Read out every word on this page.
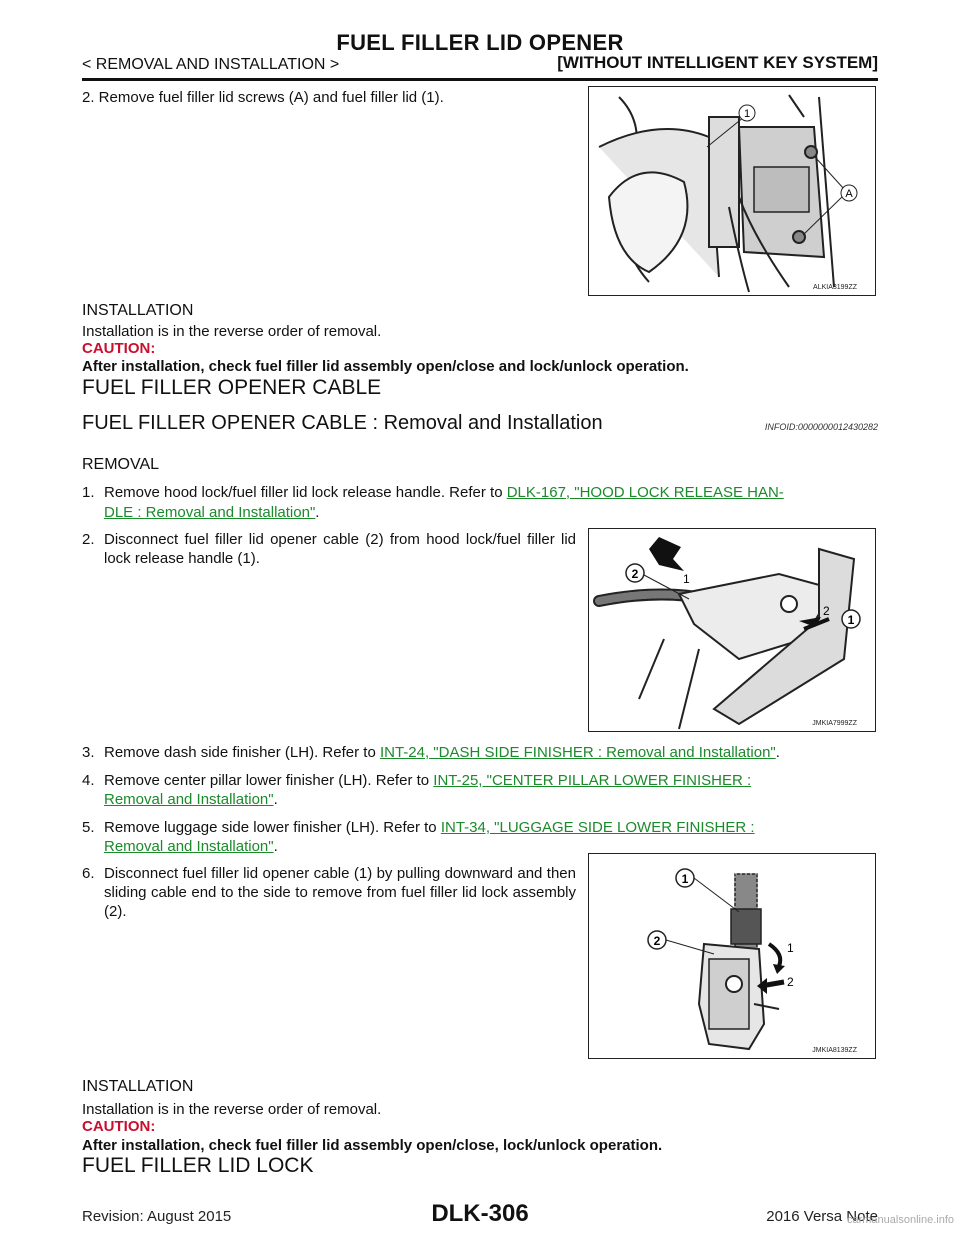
FUEL FILLER LID OPENER
< REMOVAL AND INSTALLATION >	[WITHOUT INTELLIGENT KEY SYSTEM]
2. Remove fuel filler lid screws (A) and fuel filler lid (1).
1
A
ALKIA3199ZZ
INSTALLATION
Installation is in the reverse order of removal.
CAUTION:
After installation, check fuel filler lid assembly open/close and lock/unlock operation.
FUEL FILLER OPENER CABLE
FUEL FILLER OPENER CABLE : Removal and Installation	INFOID:0000000012430282
REMOVAL
1. Remove hood lock/fuel filler lid lock release handle. Refer to DLK-167, "HOOD LOCK RELEASE HAN-
DLE : Removal and Installation".
2. Disconnect fuel filler lid opener cable (2) from hood lock/fuel filler lid lock release handle (1).
2	1
2
1
JMKIA7999ZZ
3. Remove dash side finisher (LH). Refer to INT-24, "DASH SIDE FINISHER : Removal and Installation".
4. Remove center pillar lower finisher (LH). Refer to INT-25, "CENTER PILLAR LOWER FINISHER :
Removal and Installation".
5. Remove luggage side lower finisher (LH). Refer to INT-34, "LUGGAGE SIDE LOWER FINISHER :
Removal and Installation".
6. Disconnect fuel filler lid opener cable (1) by pulling downward and then sliding cable end to the side to remove from fuel filler lid lock assembly (2).
1
2	1
2
JMKIA8139ZZ
INSTALLATION
Installation is in the reverse order of removal.
CAUTION:
After installation, check fuel filler lid assembly open/close, lock/unlock operation.
FUEL FILLER LID LOCK
Revision: August 2015	DLK-306	2016 Versa Note
carmanualsonline.info
